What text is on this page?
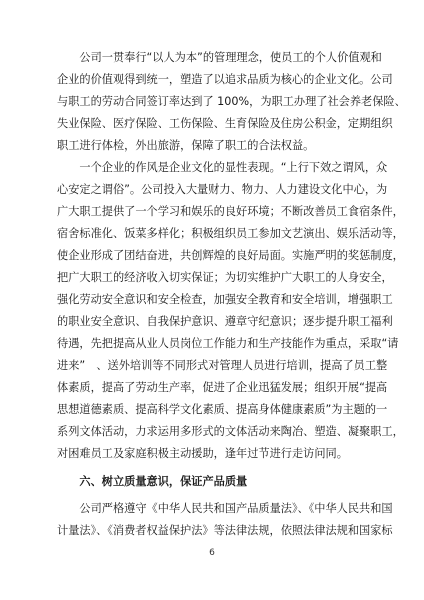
　　公司一贯奉行“以人为本”的管理理念，使员工的个人价值观和
企业的价值观得到统一，塑造了以追求品质为核心的企业文化。公司
与职工的劳动合同签订率达到了 100%，为职工办理了社会养老保险、
失业保险、医疗保险、工伤保险、生育保险及住房公积金，定期组织
职工进行体检，外出旅游，保障了职工的合法权益。
　　一个企业的作风是企业文化的显性表现。“上行下效之谓风，众
心安定之谓俗”。公司投入大量财力、物力、人力建设文化中心，为
广大职工提供了一个学习和娱乐的良好环境；不断改善员工食宿条件，
宿舍标准化、饭菜多样化；积极组织员工参加文艺演出、娱乐活动等，
使企业形成了团结奋进，共创辉煌的良好局面。实施严明的奖惩制度，
把广大职工的经济收入切实保证；为切实维护广大职工的人身安全，
强化劳动安全意识和安全检查，加强安全教育和安全培训，增强职工
的职业安全意识、自我保护意识、遵章守纪意识；逐步提升职工福利
待遇，先把提高从业人员岗位工作能力和生产技能作为重点，采取“请
进来”　、送外培训等不同形式对管理人员进行培训，提高了员工整
体素质，提高了劳动生产率，促进了企业迅猛发展；组织开展“提高
思想道德素质、提高科学文化素质、提高身体健康素质”为主题的一
系列文体活动，力求运用多形式的文体活动来陶冶、塑造、凝聚职工，
对困难员工及家庭积极主动援助，逢年过节进行走访问同。
　　六、树立质量意识，保证产品质量
　　公司严格遵守《中华人民共和国产品质量法》、《中华人民共和国
计量法》、《消费者权益保护法》等法律法规，依照法律法规和国家标
6
